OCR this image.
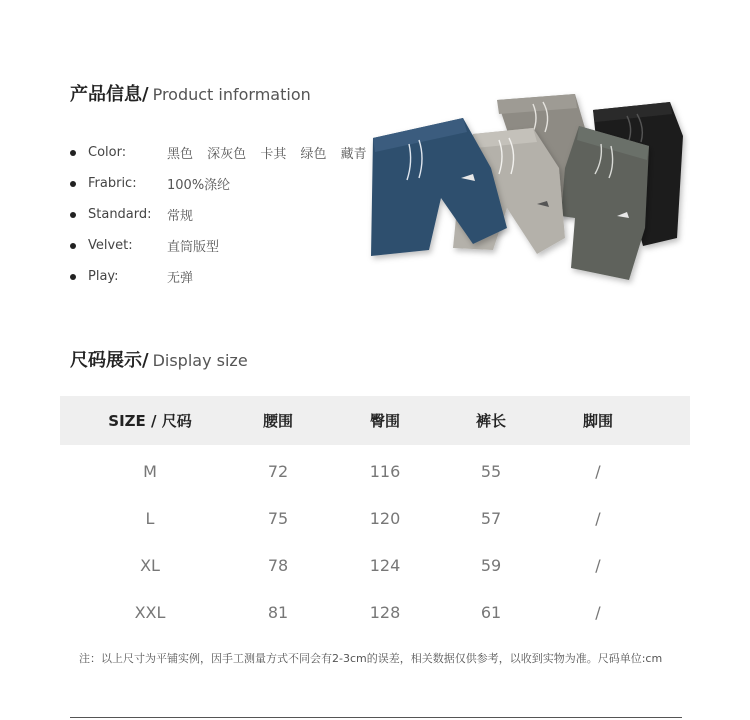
产品信息/ Product information
Color:	黑色 深灰色 卡其 绿色 藏青
Frabric:	100%涤纶
Standard:	常规
Velvet:	直筒版型
Play:	无弹
尺码展示/ Display size
SIZE / 尺码	腰围	臀围	裤长	脚围
M	72	116	55	/
L	75	120	57	/
XL	78	124	59	/
XXL	81	128	61	/
注：以上尺寸为平铺实例，因手工测量方式不同会有2-3cm的误差，相关数据仅供参考，以收到实物为准。尺码单位:cm
